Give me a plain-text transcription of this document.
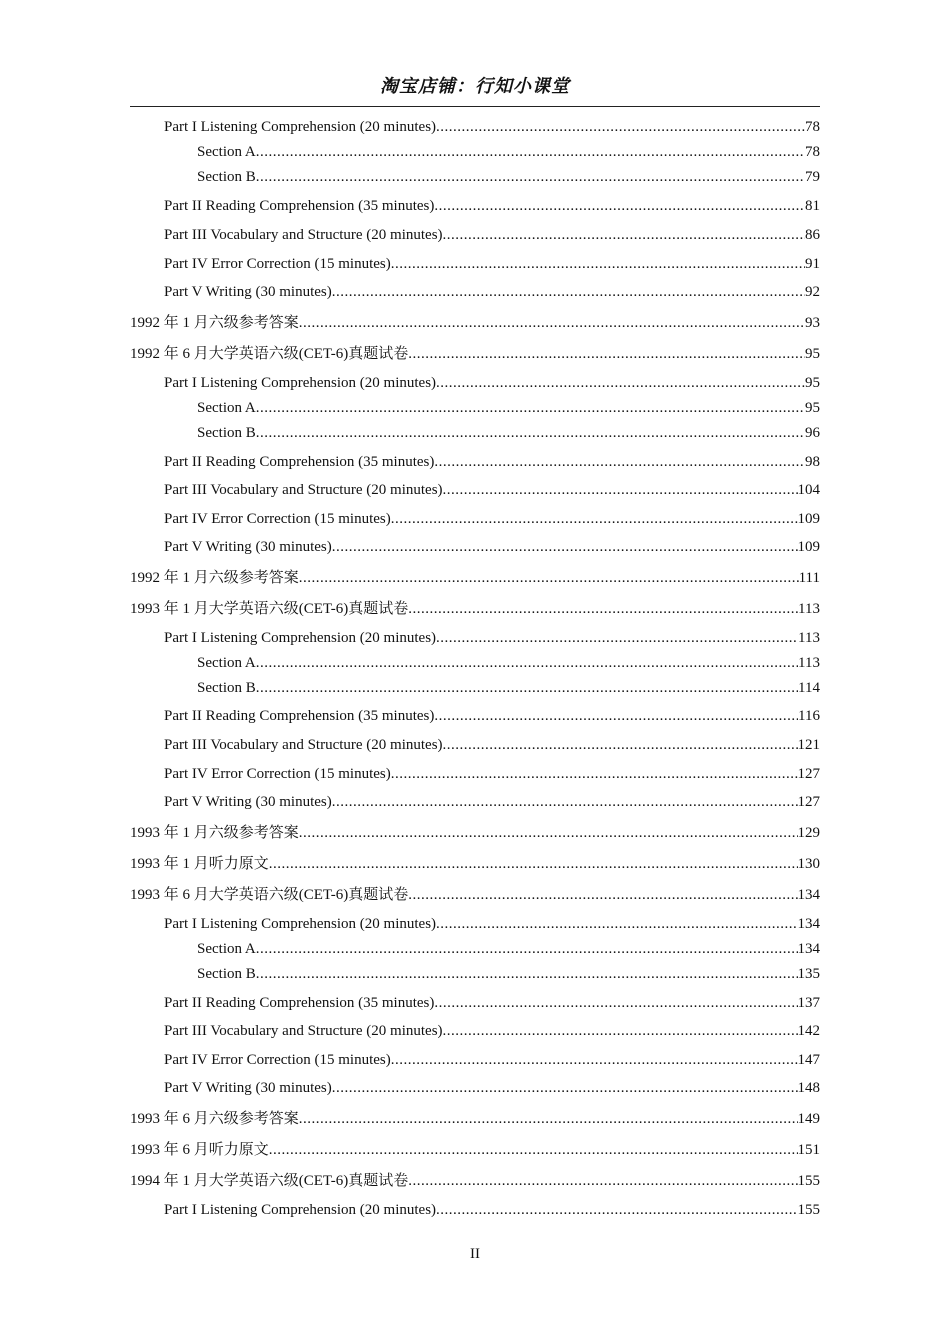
淘宝店铺：行知小课堂
Part I Listening Comprehension (20 minutes) .....	78
Section A .....	78
Section B .....	79
Part II Reading Comprehension (35 minutes) .....	81
Part III Vocabulary and Structure (20 minutes) .....	86
Part IV Error Correction (15 minutes) .....	91
Part V Writing (30 minutes) .....	92
1992 年 1 月六级参考答案 .....	93
1992 年 6 月大学英语六级(CET-6)真题试卷 .....	95
Part I Listening Comprehension (20 minutes) .....	95
Section A .....	95
Section B .....	96
Part II Reading Comprehension (35 minutes) .....	98
Part III Vocabulary and Structure (20 minutes) .....	104
Part IV Error Correction (15 minutes) .....	109
Part V Writing (30 minutes) .....	109
1992 年 1 月六级参考答案 .....	111
1993 年 1 月大学英语六级(CET-6)真题试卷 .....	113
Part I Listening Comprehension (20 minutes) .....	113
Section A .....	113
Section B .....	114
Part II Reading Comprehension (35 minutes) .....	116
Part III Vocabulary and Structure (20 minutes) .....	121
Part IV Error Correction (15 minutes) .....	127
Part V Writing (30 minutes) .....	127
1993 年 1 月六级参考答案 .....	129
1993 年 1 月听力原文 .....	130
1993 年 6 月大学英语六级(CET-6)真题试卷 .....	134
Part I Listening Comprehension (20 minutes) .....	134
Section A .....	134
Section B .....	135
Part II Reading Comprehension (35 minutes) .....	137
Part III Vocabulary and Structure (20 minutes) .....	142
Part IV Error Correction (15 minutes) .....	147
Part V Writing (30 minutes) .....	148
1993 年 6 月六级参考答案 .....	149
1993 年 6 月听力原文 .....	151
1994 年 1 月大学英语六级(CET-6)真题试卷 .....	155
Part I Listening Comprehension (20 minutes) .....	155
II
